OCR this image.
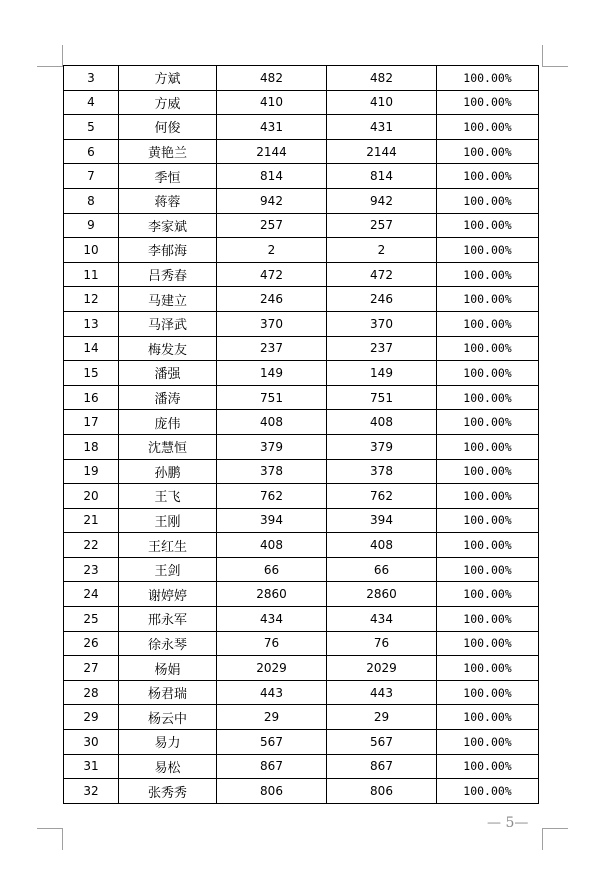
3	方斌	482	482	100.00%
4	方威	410	410	100.00%
5	何俊	431	431	100.00%
6	黄艳兰	2144	2144	100.00%
7	季恒	814	814	100.00%
8	蒋蓉	942	942	100.00%
9	李家斌	257	257	100.00%
10	李郁海	2	2	100.00%
11	吕秀春	472	472	100.00%
12	马建立	246	246	100.00%
13	马泽武	370	370	100.00%
14	梅发友	237	237	100.00%
15	潘强	149	149	100.00%
16	潘涛	751	751	100.00%
17	庞伟	408	408	100.00%
18	沈慧恒	379	379	100.00%
19	孙鹏	378	378	100.00%
20	王飞	762	762	100.00%
21	王刚	394	394	100.00%
22	王红生	408	408	100.00%
23	王剑	66	66	100.00%
24	谢婷婷	2860	2860	100.00%
25	邢永军	434	434	100.00%
26	徐永琴	76	76	100.00%
27	杨娟	2029	2029	100.00%
28	杨君瑞	443	443	100.00%
29	杨云中	29	29	100.00%
30	易力	567	567	100.00%
31	易松	867	867	100.00%
32	张秀秀	806	806	100.00%
— 5—
